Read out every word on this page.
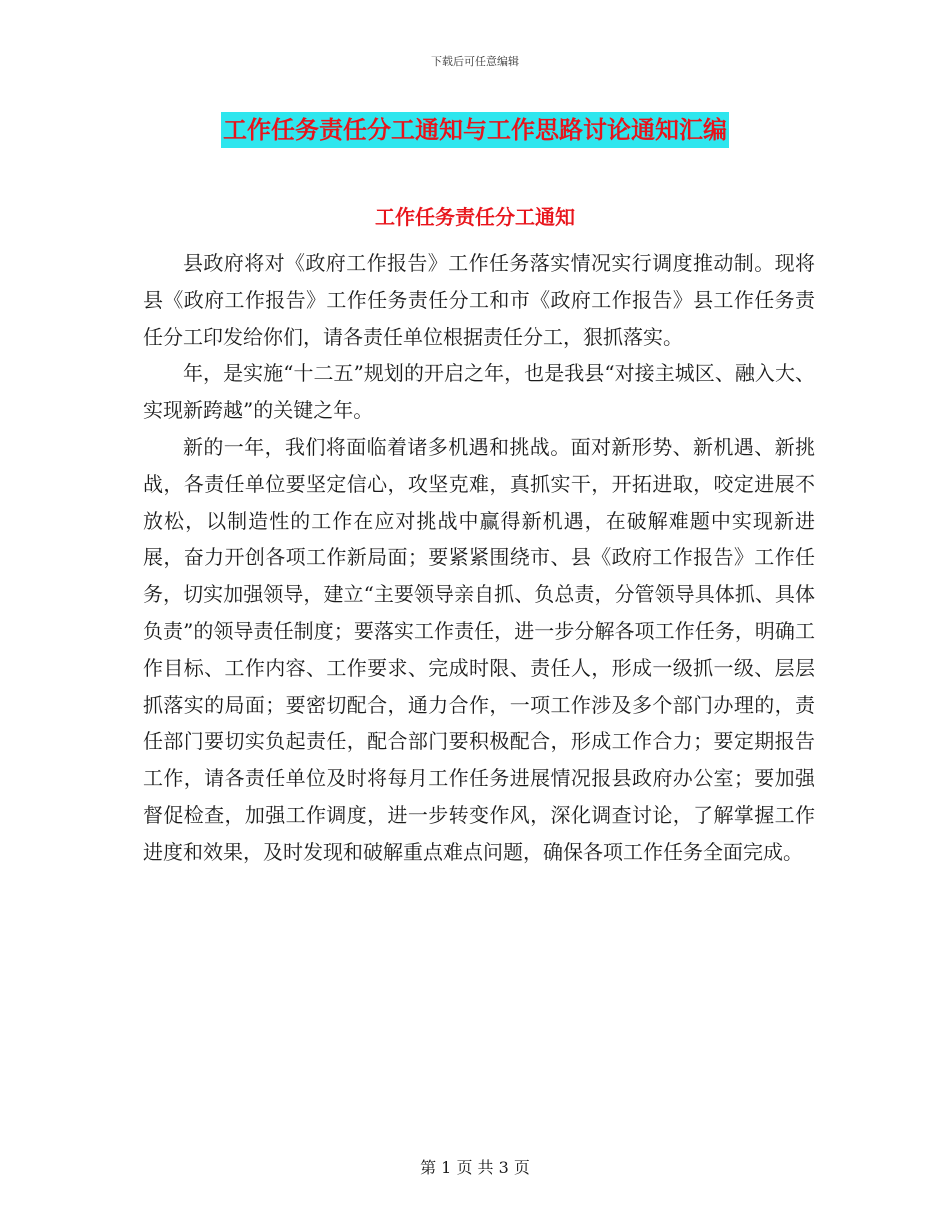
下载后可任意编辑
工作任务责任分工通知与工作思路讨论通知汇编
工作任务责任分工通知

县政府将对《政府工作报告》工作任务落实情况实行调度推动制。现将县《政府工作报告》工作任务责任分工和市《政府工作报告》县工作任务责任分工印发给你们，请各责任单位根据责任分工，狠抓落实。

年，是实施“十二五”规划的开启之年，也是我县“对接主城区、融入大、实现新跨越”的关键之年。

新的一年，我们将面临着诸多机遇和挑战。面对新形势、新机遇、新挑战，各责任单位要坚定信心，攻坚克难，真抓实干，开拓进取，咬定进展不放松，以制造性的工作在应对挑战中赢得新机遇，在破解难题中实现新进展，奋力开创各项工作新局面；要紧紧围绕市、县《政府工作报告》工作任务，切实加强领导，建立“主要领导亲自抓、负总责，分管领导具体抓、具体负责”的领导责任制度；要落实工作责任，进一步分解各项工作任务，明确工作目标、工作内容、工作要求、完成时限、责任人，形成一级抓一级、层层抓落实的局面；要密切配合，通力合作，一项工作涉及多个部门办理的，责任部门要切实负起责任，配合部门要积极配合，形成工作合力；要定期报告工作，请各责任单位及时将每月工作任务进展情况报县政府办公室；要加强督促检查，加强工作调度，进一步转变作风，深化调查讨论，了解掌握工作进度和效果，及时发现和破解重点难点问题，确保各项工作任务全面完成。

第 1 页 共 3 页
